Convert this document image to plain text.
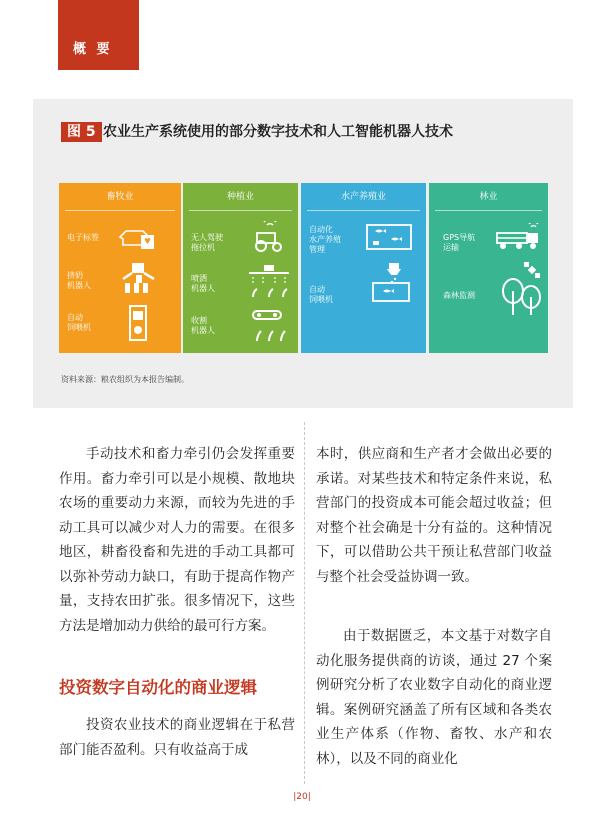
概 要
图 5 农业生产系统使用的部分数字技术和人工智能机器人技术
畜牧业
电子标签
挤奶
机器人
自动
饲喂机
种植业
无人驾驶
拖拉机
喷洒
机器人
收割
机器人
水产养殖业
自动化
水产养殖
管理
自动
饲喂机
林业
GPS导航
运输
森林监测
资料来源：粮农组织为本报告编制。
手动技术和畜力牵引仍会发挥重要作用。畜力牵引可以是小规模、散地块农场的重要动力来源，而较为先进的手动工具可以减少对人力的需要。在很多地区，耕畜役畜和先进的手动工具都可以弥补劳动力缺口，有助于提高作物产量，支持农田扩张。很多情况下，这些方法是增加动力供给的最可行方案。
投资数字自动化的商业逻辑
投资农业技术的商业逻辑在于私营部门能否盈利。只有收益高于成
本时，供应商和生产者才会做出必要的承诺。对某些技术和特定条件来说，私营部门的投资成本可能会超过收益；但对整个社会确是十分有益的。这种情况下，可以借助公共干预让私营部门收益与整个社会受益协调一致。
由于数据匮乏，本文基于对数字自动化服务提供商的访谈，通过 27 个案例研究分析了农业数字自动化的商业逻辑。案例研究涵盖了所有区域和各类农业生产体系（作物、畜牧、水产和农林），以及不同的商业化
|20|
